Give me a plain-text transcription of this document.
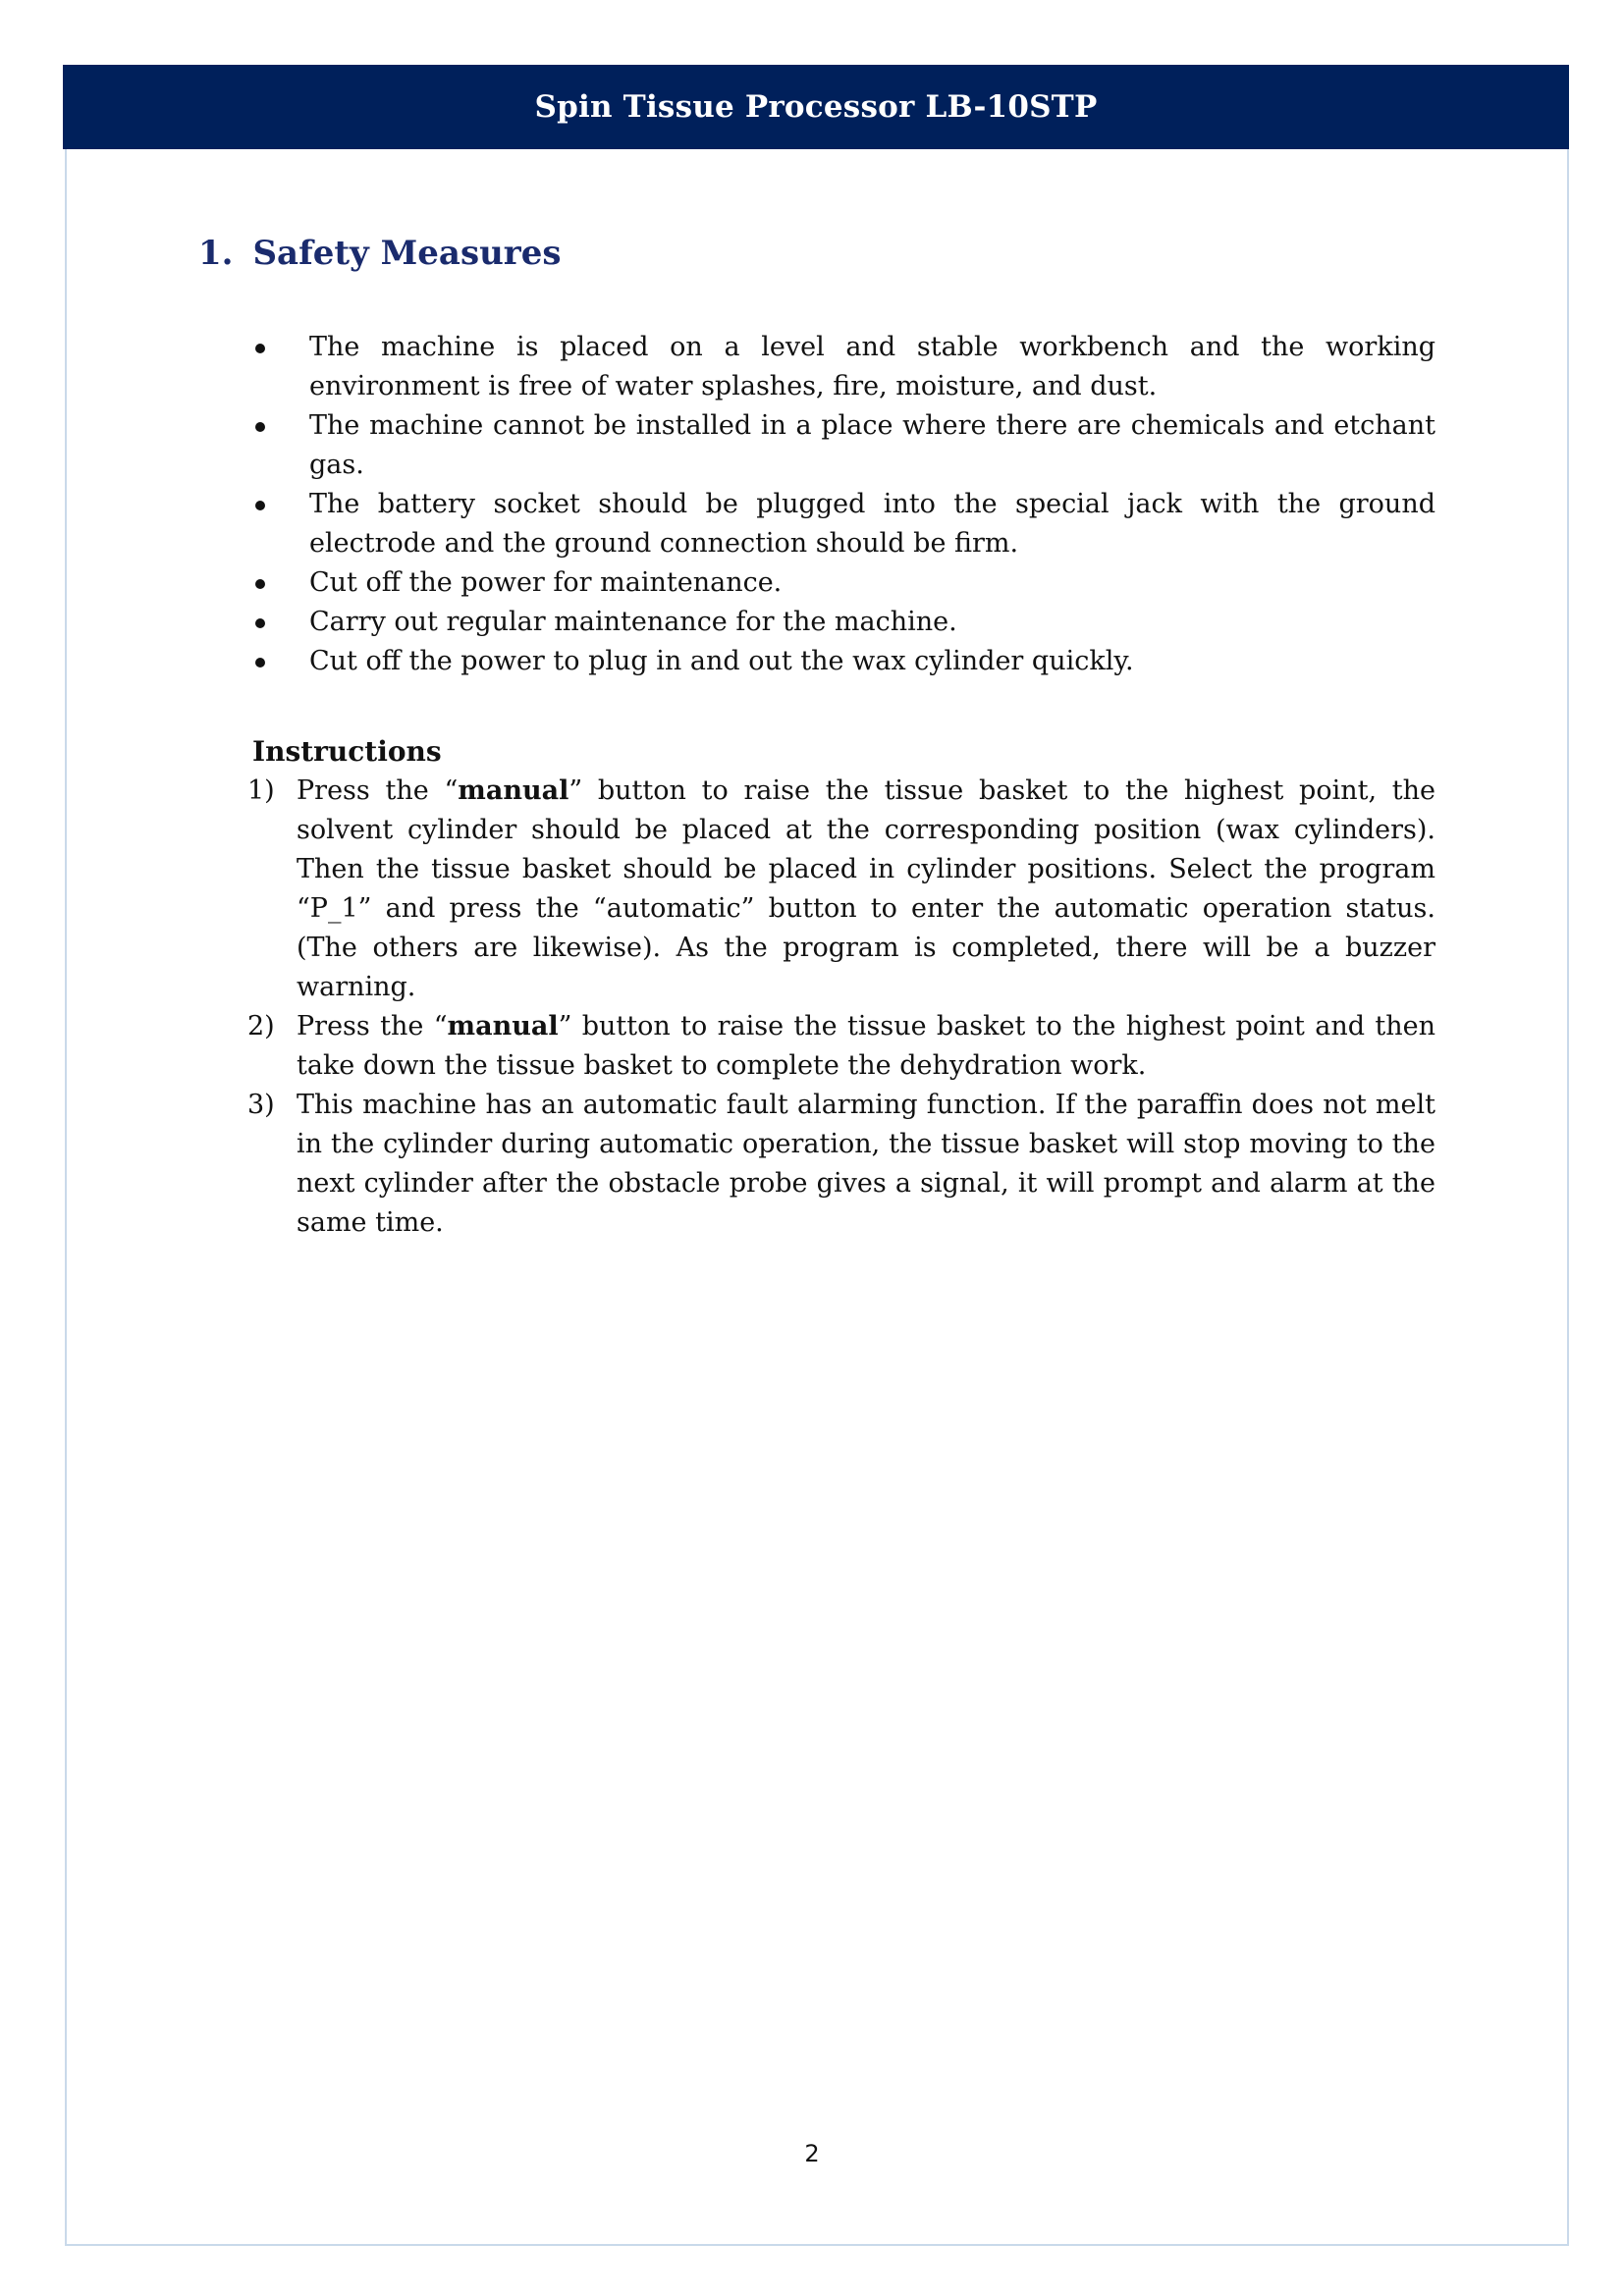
Spin Tissue Processor LB-10STP
1. Safety Measures
The machine is placed on a level and stable workbench and the working environment is free of water splashes, fire, moisture, and dust.
The machine cannot be installed in a place where there are chemicals and etchant gas.
The battery socket should be plugged into the special jack with the ground electrode and the ground connection should be firm.
Cut off the power for maintenance.
Carry out regular maintenance for the machine.
Cut off the power to plug in and out the wax cylinder quickly.
Instructions
1) Press the “manual” button to raise the tissue basket to the highest point, the solvent cylinder should be placed at the corresponding position (wax cylinders). Then the tissue basket should be placed in cylinder positions. Select the program “P_1” and press the “automatic” button to enter the automatic operation status. (The others are likewise). As the program is completed, there will be a buzzer warning.
2) Press the “manual” button to raise the tissue basket to the highest point and then take down the tissue basket to complete the dehydration work.
3) This machine has an automatic fault alarming function. If the paraffin does not melt in the cylinder during automatic operation, the tissue basket will stop moving to the next cylinder after the obstacle probe gives a signal, it will prompt and alarm at the same time.
2
